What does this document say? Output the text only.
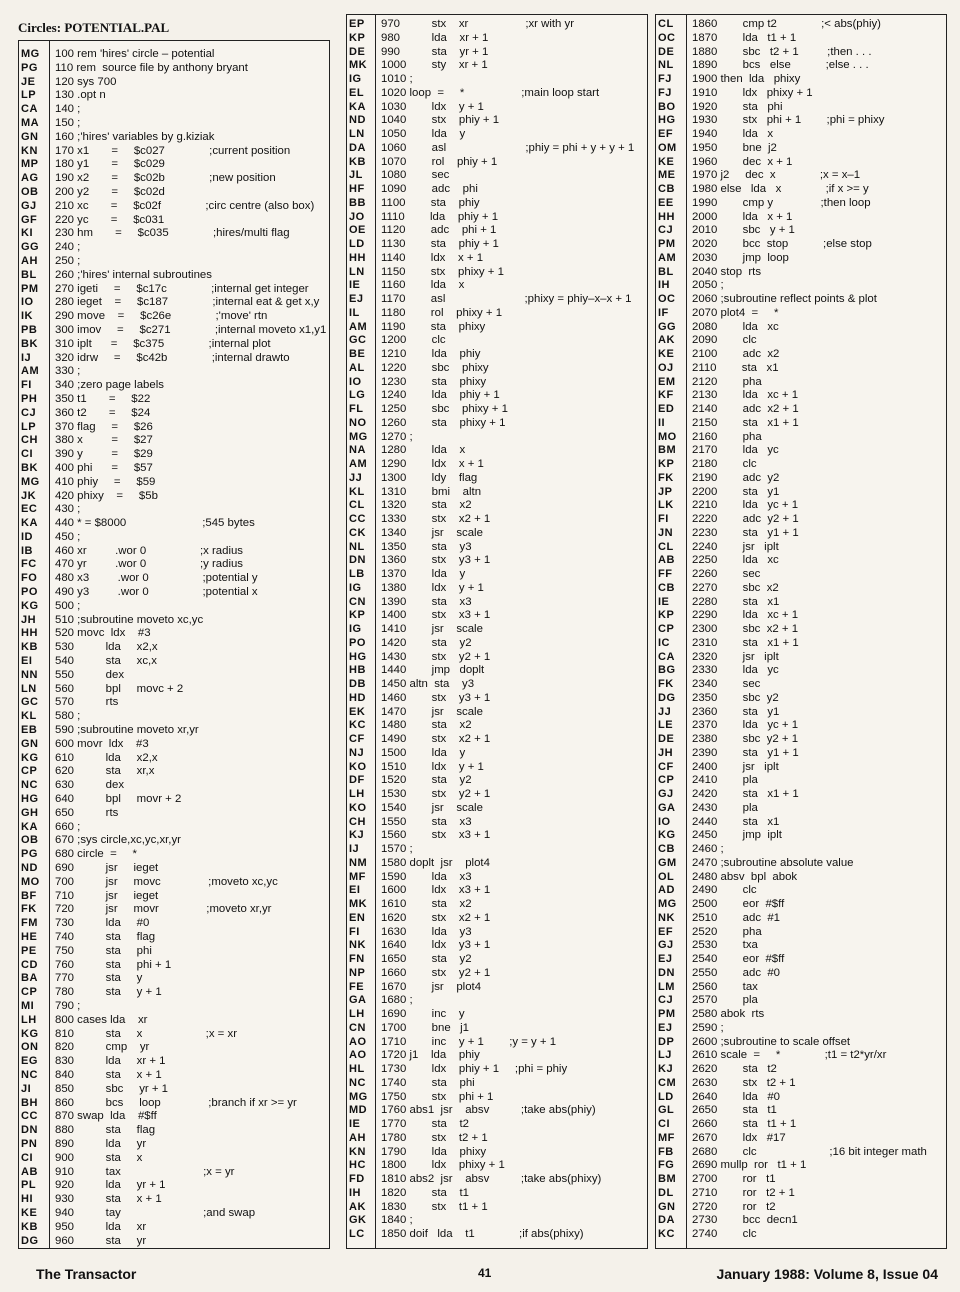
Circles: POTENTIAL.PAL
MG	100 rem 'hires' circle – potential
PG	110 rem  source file by anthony bryant
JE	120 sys 700
LP	130 .opt n
CA	140 ;
MA	150 ;
GN	160 ;'hires' variables by g.kiziak
KN	170 x1       =     $c027              ;current position
MP	180 y1       =     $c029
AG	190 x2       =     $c02b              ;new position
OB	200 y2       =     $c02d
GJ	210 xc       =     $c02f              ;circ centre (also box)
GF	220 yc       =     $c031
KI	230 hm       =     $c035              ;hires/multi flag
GG	240 ;
AH	250 ;
BL	260 ;'hires' internal subroutines
PM	270 igeti     =     $c17c              ;internal get integer
IO	280 ieget    =     $c187              ;internal eat & get x,y
IK	290 move    =     $c26e              ;'move' rtn
PB	300 imov     =     $c271              ;internal moveto x1,y1
BK	310 iplt      =     $c375              ;internal plot
IJ	320 idrw     =     $c42b              ;internal drawto
AM	330 ;
FI	340 ;zero page labels
PH	350 t1       =     $22
CJ	360 t2       =     $24
LP	370 flag     =     $26
CH	380 x         =     $27
CI	390 y         =     $29
BK	400 phi      =     $57
MG	410 phiy     =     $59
JK	420 phixy    =     $5b
EC	430 ;
KA	440 * = $8000                        ;545 bytes
ID	450 ;
IB	460 xr         .wor 0                 ;x radius
FC	470 yr         .wor 0                 ;y radius
FO	480 x3         .wor 0                 ;potential y
PO	490 y3         .wor 0                 ;potential x
KG	500 ;
JH	510 ;subroutine moveto xc,yc
HH	520 movc  ldx    #3
KB	530          lda     x2,x
EI	540          sta     xc,x
NN	550          dex
LN	560          bpl     movc + 2
GC	570          rts
KL	580 ;
EB	590 ;subroutine moveto xr,yr
GN	600 movr  ldx    #3
KG	610          lda     x2,x
CP	620          sta     xr,x
NC	630          dex
HG	640          bpl     movr + 2
GH	650          rts
KA	660 ;
OB	670 ;sys circle,xc,yc,xr,yr
PG	680 circle  =     *
ND	690          jsr     ieget
MO	700          jsr     movc               ;moveto xc,yc
BF	710          jsr     ieget
FK	720          jsr     movr               ;moveto xr,yr
FM	730          lda     #0
HE	740          sta     flag
PE	750          sta     phi
CD	760          sta     phi + 1
BA	770          sta     y
CP	780          sta     y + 1
MI	790 ;
LH	800 cases lda    xr
KG	810          sta     x                    ;x = xr
ON	820          cmp    yr
EG	830          lda     xr + 1
NC	840          sta     x + 1
JI	850          sbc     yr + 1
BH	860          bcs     loop               ;branch if xr >= yr
CC	870 swap  lda    #$ff
DN	880          sta     flag
PN	890          lda     yr
CI	900          sta     x
AB	910          tax                          ;x = yr
PL	920          lda     yr + 1
HI	930          sta     x + 1
KE	940          tay                          ;and swap
KB	950          lda     xr
DG	960          sta     yr
EP	970          stx    xr                  ;xr with yr
KP	980          lda    xr + 1
DE	990          sta    yr + 1
MK	1000        sty    xr + 1
IG	1010 ;
EL	1020 loop  =     *                  ;main loop start
KA	1030        ldx    y + 1
ND	1040        stx    phiy + 1
LN	1050        lda    y
DA	1060        asl                         ;phiy = phi + y + y + 1
KB	1070        rol    phiy + 1
JL	1080        sec
HF	1090        adc    phi
BB	1100        sta    phiy
JO	1110        lda    phiy + 1
OE	1120        adc    phi + 1
LD	1130        sta    phiy + 1
HH	1140        ldx    x + 1
LN	1150        stx    phixy + 1
IE	1160        lda    x
EJ	1170        asl                         ;phixy = phiy–x–x + 1
IL	1180        rol    phixy + 1
AM	1190        sta    phixy
GC	1200        clc
BE	1210        lda    phiy
AL	1220        sbc    phixy
IO	1230        sta    phixy
LG	1240        lda    phiy + 1
FL	1250        sbc    phixy + 1
NO	1260        sta    phixy + 1
MG	1270 ;
NA	1280        lda    x
AM	1290        ldx    x + 1
JJ	1300        ldy    flag
KL	1310        bmi    altn
CL	1320        sta    x2
CC	1330        stx    x2 + 1
CK	1340        jsr    scale
NL	1350        sta    y3
DN	1360        stx    y3 + 1
LB	1370        lda    y
IG	1380        ldx    y + 1
CN	1390        sta    x3
KP	1400        stx    x3 + 1
IG	1410        jsr    scale
PO	1420        sta    y2
HG	1430        stx    y2 + 1
HB	1440        jmp   doplt
DB	1450 altn  sta    y3
HD	1460        stx    y3 + 1
EK	1470        jsr    scale
KC	1480        sta    x2
CF	1490        stx    x2 + 1
NJ	1500        lda    y
KO	1510        ldx    y + 1
DF	1520        sta    y2
LH	1530        stx    y2 + 1
KO	1540        jsr    scale
CH	1550        sta    x3
KJ	1560        stx    x3 + 1
IJ	1570 ;
NM	1580 doplt  jsr    plot4
MF	1590        lda    x3
EI	1600        ldx    x3 + 1
MK	1610        sta    x2
EN	1620        stx    x2 + 1
FI	1630        lda    y3
NK	1640        ldx    y3 + 1
FN	1650        sta    y2
NP	1660        stx    y2 + 1
FE	1670        jsr    plot4
GA	1680 ;
LH	1690        inc    y
CN	1700        bne   j1
AO	1710        inc    y + 1        ;y = y + 1
AO	1720 j1    lda    phiy
HL	1730        ldx    phiy + 1     ;phi = phiy
NC	1740        sta    phi
MG	1750        stx    phi + 1
MD	1760 abs1  jsr    absv          ;take abs(phiy)
IE	1770        sta    t2
AH	1780        stx    t2 + 1
KN	1790        lda    phixy
HC	1800        ldx    phixy + 1
FD	1810 abs2  jsr    absv          ;take abs(phixy)
IH	1820        sta    t1
AK	1830        stx    t1 + 1
GK	1840 ;
LC	1850 doif   lda    t1              ;if abs(phixy)
CL	1860        cmp t2              ;< abs(phiy)
OC	1870        lda   t1 + 1
DE	1880        sbc   t2 + 1         ;then . . .
NL	1890        bcs   else           ;else . . .
FJ	1900 then  lda   phixy
FJ	1910        ldx   phixy + 1
BO	1920        sta   phi
HG	1930        stx   phi + 1        ;phi = phixy
EF	1940        lda   x
OM	1950        bne  j2
KE	1960        dec  x + 1
ME	1970 j2     dec  x              ;x = x–1
CB	1980 else   lda   x              ;if x >= y
EE	1990        cmp y               ;then loop
HH	2000        lda   x + 1
CJ	2010        sbc   y + 1
PM	2020        bcc  stop           ;else stop
AM	2030        jmp  loop
BL	2040 stop  rts
IH	2050 ;
OC	2060 ;subroutine reflect points & plot
IF	2070 plot4  =     *
GG	2080        lda   xc
AK	2090        clc
KE	2100        adc  x2
OJ	2110        sta   x1
EM	2120        pha
KF	2130        lda   xc + 1
ED	2140        adc  x2 + 1
II	2150        sta   x1 + 1
MO	2160        pha
BM	2170        lda   yc
KP	2180        clc
FK	2190        adc  y2
JP	2200        sta   y1
LK	2210        lda   yc + 1
FI	2220        adc  y2 + 1
JN	2230        sta   y1 + 1
CL	2240        jsr   iplt
AB	2250        lda   xc
FF	2260        sec
CB	2270        sbc  x2
IE	2280        sta   x1
KP	2290        lda   xc + 1
CP	2300        sbc  x2 + 1
IC	2310        sta   x1 + 1
CA	2320        jsr   iplt
BG	2330        lda   yc
FK	2340        sec
DG	2350        sbc  y2
JJ	2360        sta   y1
LE	2370        lda   yc + 1
DE	2380        sbc  y2 + 1
JH	2390        sta   y1 + 1
CF	2400        jsr   iplt
CP	2410        pla
GJ	2420        sta   x1 + 1
GA	2430        pla
IO	2440        sta   x1
KG	2450        jmp  iplt
CB	2460 ;
GM	2470 ;subroutine absolute value
OL	2480 absv  bpl  abok
AD	2490        clc
MG	2500        eor  #$ff
NK	2510        adc  #1
EF	2520        pha
GJ	2530        txa
EJ	2540        eor  #$ff
DN	2550        adc  #0
LM	2560        tax
CJ	2570        pla
PM	2580 abok  rts
EJ	2590 ;
DP	2600 ;subroutine to scale offset
LJ	2610 scale  =     *              ;t1 = t2*yr/xr
KJ	2620        sta   t2
CM	2630        stx   t2 + 1
LD	2640        lda   #0
GL	2650        sta   t1
CI	2660        sta   t1 + 1
MF	2670        ldx   #17
FB	2680        clc                       ;16 bit integer math
FG	2690 mullp  ror   t1 + 1
BM	2700        ror   t1
DL	2710        ror   t2 + 1
GN	2720        ror   t2
DA	2730        bcc  decn1
KC	2740        clc
The Transactor	41	January 1988: Volume 8, Issue 04
